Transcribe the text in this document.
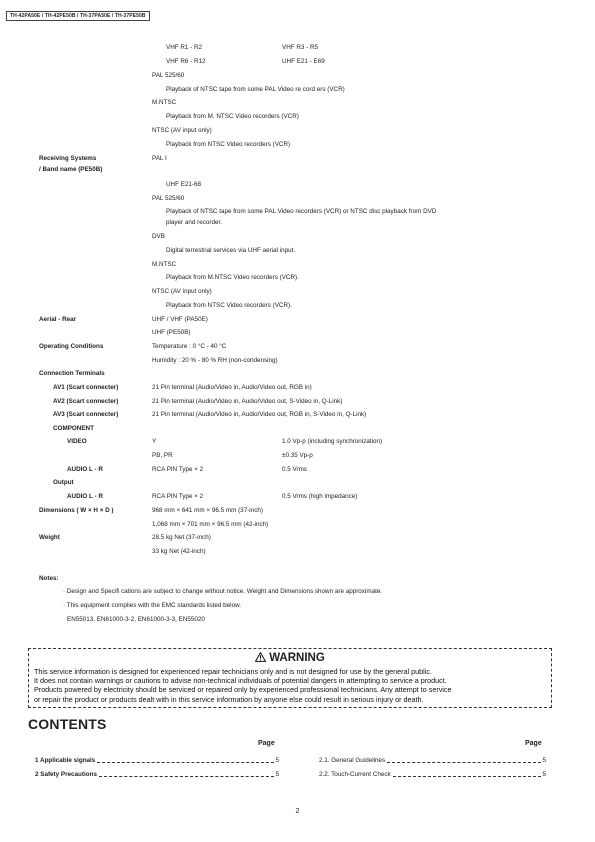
TH-42PA50E / TH-42PE50B / TH-37PA50E / TH-37PE50B
VHF R1 - R2	VHF R3 - R5
VHF R6 - R12	UHF E21 - E69
PAL 525/60
Playback of NTSC tape from some PAL Video re cord ers (VCR)
M.NTSC
Playback from M. NTSC Video recorders (VCR)
NTSC (AV input only)
Playback from NTSC Video recorders (VCR)
Receiving Systems	PAL I
/ Band name (PE50B)
UHF E21-68
PAL 525/60
Playback of NTSC tape from some PAL Video recorders (VCR) or NTSC disc playback from DVD
player and recorder.
DVB
Digital terrestrial services via UHF aerial input.
M.NTSC
Playback from M.NTSC Video recorders (VCR).
NTSC (AV input only)
Playback from NTSC Video recorders (VCR).
Aerial - Rear	UHF / VHF (PA50E)
UHF (PE50B)
Operating Conditions	Temperature : 0 °C - 40 °C
Humidity : 20 % - 80 % RH (non-condensing)
Connection Terminals
AV1 (Scart connecter)	21 Pin terminal (Audio/Video in, Audio/Video out, RGB in)
AV2 (Scart connecter)	21 Pin terminal (Audio/Video in, Audio/Video out, S-Video in, Q-Link)
AV3 (Scart connecter)	21 Pin terminal (Audio/Video in, Audio/Video out, RGB in, S-Video in, Q-Link)
COMPONENT
VIDEO	Y	1.0 Vp-p (including synchronization)
PB, PR	±0.35 Vp-p
AUDIO L - R	RCA PIN Type × 2	0.5 Vrms
Output
AUDIO L - R	RCA PIN Type × 2	0.5 Vrms (high impedance)
Dimensions ( W × H × D )	968 mm × 641 mm × 96.5 mm (37-inch)
1,068 mm × 701 mm × 96.5 mm (42-inch)
Weight	28.5 kg Net (37-inch)
33 kg Net (42-inch)
Notes:
· Design and Specifi cations are subject to change without notice. Weight and Dimensions shown are approximate.
· This equipment complies with the EMC standards listed below.
EN55013, EN61000-3-2, EN61000-3-3, EN55020
WARNING
This service information is designed for experienced repair technicians only and is not designed for use by the general public.
It does not contain warnings or cautions to advise non-technical individuals of potential dangers in attempting to service a product.
Products powered by electricity should be serviced or repaired only by experienced professional technicians. Any attempt to service
or repair the product or products dealt with in this service information by anyone else could result in serious injury or death.
CONTENTS
Page	Page
1 Applicable signals	5
2 Safety Precautions	5
2.1. General Guidelines	5
2.2. Touch-Current Check	5
2
